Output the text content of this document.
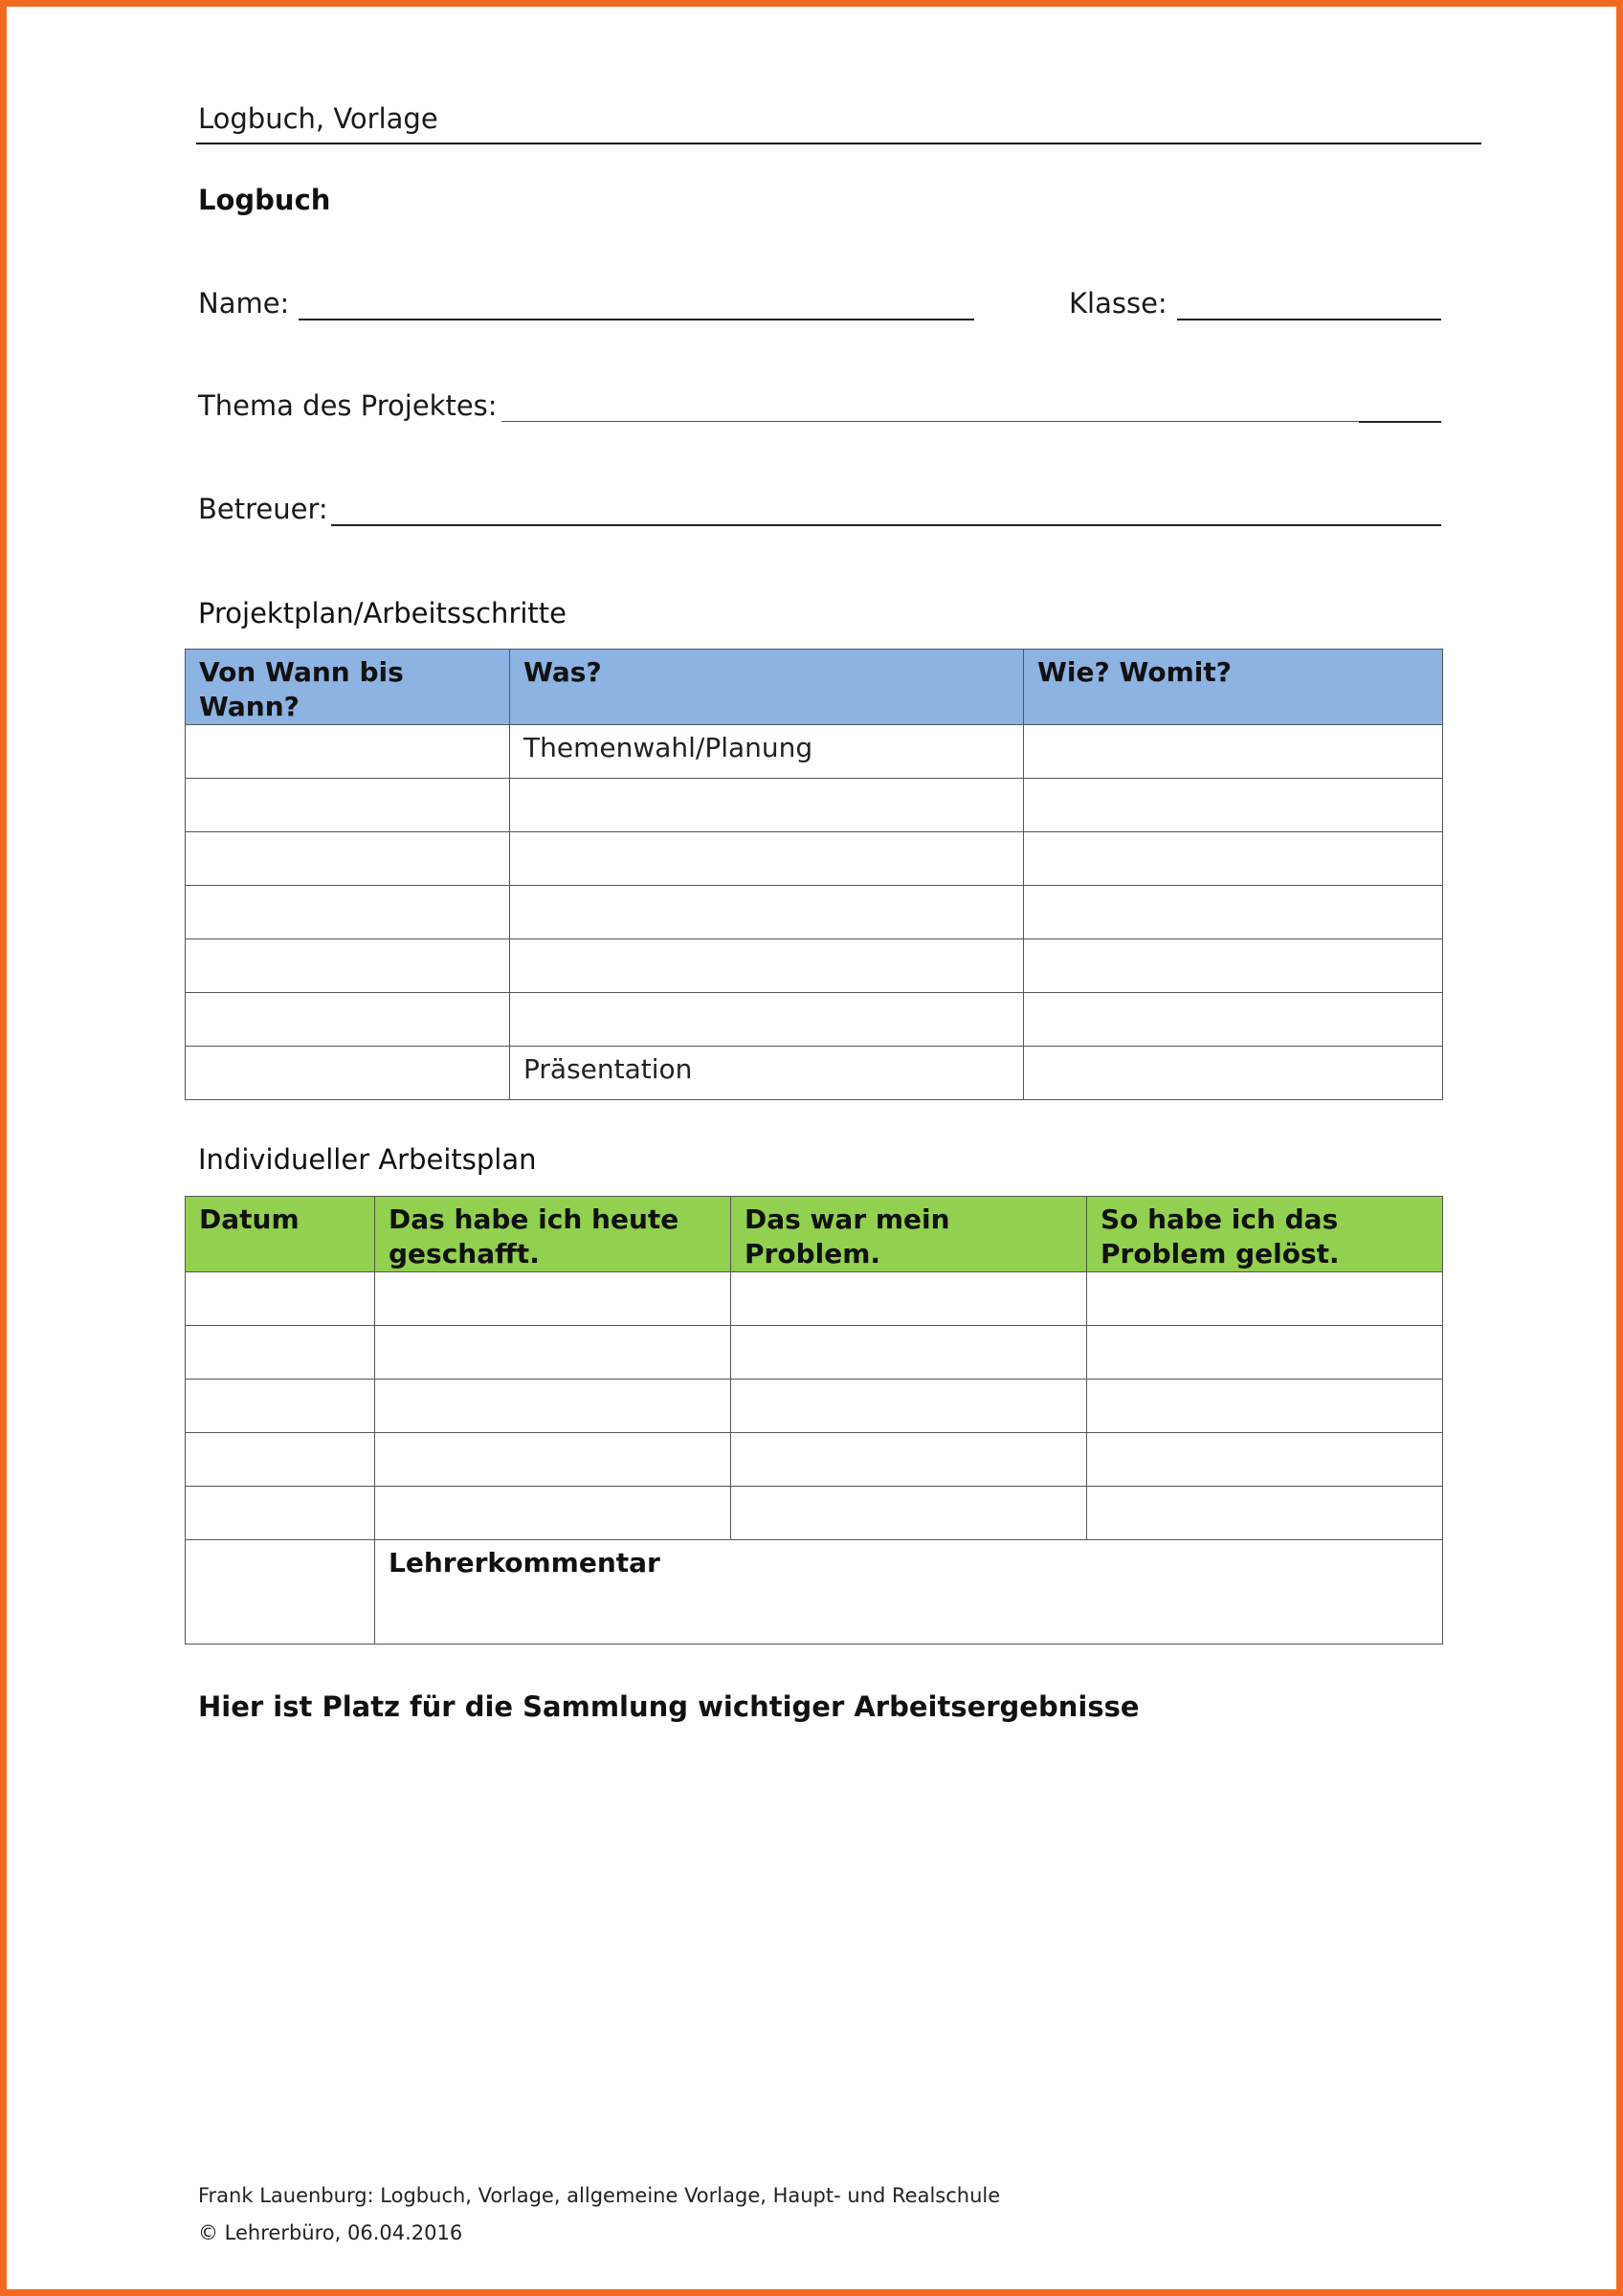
Logbuch, Vorlage
Logbuch
Name:	Klasse:
Thema des Projektes:
Betreuer:
Projektplan/Arbeitsschritte
Von Wann bis Wann?	Was?	Wie? Womit?
	Themenwahl/Planung	

	Präsentation	
Individueller Arbeitsplan
Datum	Das habe ich heute geschafft.	Das war mein Problem.	So habe ich das Problem gelöst.

	Lehrerkommentar		
Hier ist Platz für die Sammlung wichtiger Arbeitsergebnisse
Frank Lauenburg: Logbuch, Vorlage, allgemeine Vorlage, Haupt- und Realschule
© Lehrerbüro, 06.04.2016
